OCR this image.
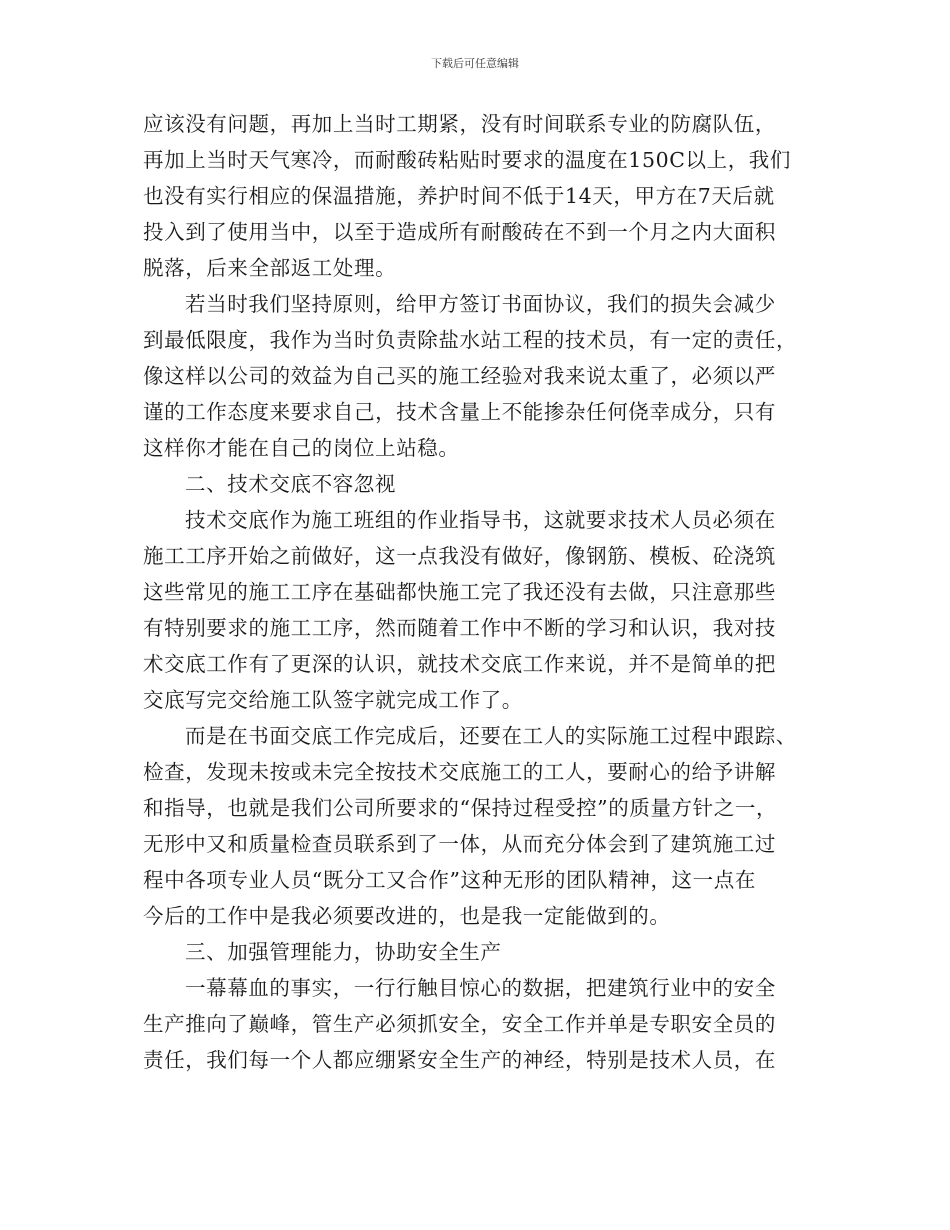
下载后可任意编辑
应该没有问题，再加上当时工期紧，没有时间联系专业的防腐队伍，
再加上当时天气寒冷，而耐酸砖粘贴时要求的温度在150C以上，我们
也没有实行相应的保温措施，养护时间不低于14天，甲方在7天后就
投入到了使用当中，以至于造成所有耐酸砖在不到一个月之内大面积
脱落，后来全部返工处理。
若当时我们坚持原则，给甲方签订书面协议，我们的损失会减少
到最低限度，我作为当时负责除盐水站工程的技术员，有一定的责任，
像这样以公司的效益为自己买的施工经验对我来说太重了，必须以严
谨的工作态度来要求自己，技术含量上不能掺杂任何侥幸成分，只有
这样你才能在自己的岗位上站稳。
二、技术交底不容忽视
技术交底作为施工班组的作业指导书，这就要求技术人员必须在
施工工序开始之前做好，这一点我没有做好，像钢筋、模板、砼浇筑
这些常见的施工工序在基础都快施工完了我还没有去做，只注意那些
有特别要求的施工工序，然而随着工作中不断的学习和认识，我对技
术交底工作有了更深的认识，就技术交底工作来说，并不是简单的把
交底写完交给施工队签字就完成工作了。
而是在书面交底工作完成后，还要在工人的实际施工过程中跟踪、
检查，发现未按或未完全按技术交底施工的工人，要耐心的给予讲解
和指导，也就是我们公司所要求的“保持过程受控”的质量方针之一，
无形中又和质量检查员联系到了一体，从而充分体会到了建筑施工过
程中各项专业人员“既分工又合作”这种无形的团队精神，这一点在
今后的工作中是我必须要改进的，也是我一定能做到的。
三、加强管理能力，协助安全生产
一幕幕血的事实，一行行触目惊心的数据，把建筑行业中的安全
生产推向了巅峰，管生产必须抓安全，安全工作并单是专职安全员的
责任，我们每一个人都应绷紧安全生产的神经，特别是技术人员，在
